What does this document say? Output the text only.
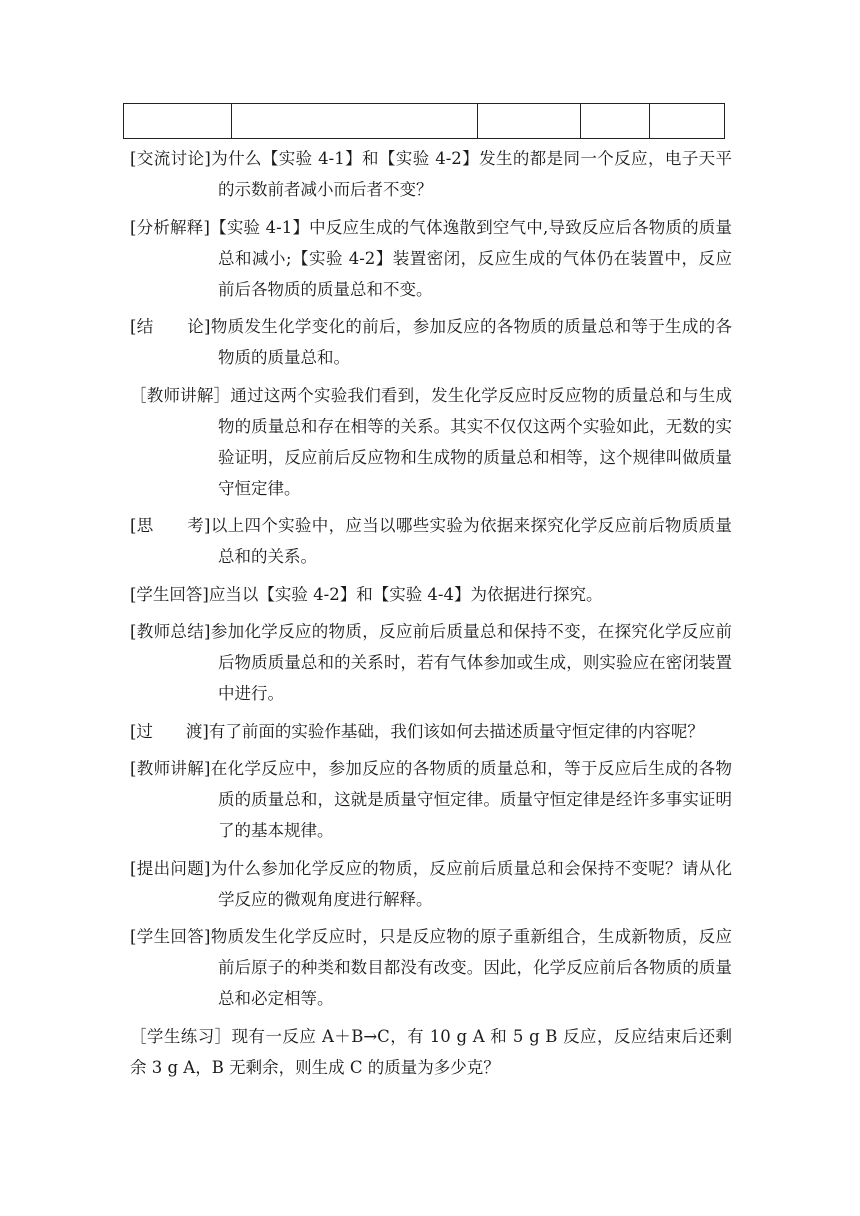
[交流讨论]为什么【实验 4-1】和【实验 4-2】发生的都是同一个反应，电子天平的示数前者减小而后者不变？

[分析解释]【实验 4-1】中反应生成的气体逸散到空气中,导致反应后各物质的质量总和减小;【实验 4-2】装置密闭，反应生成的气体仍在装置中，反应前后各物质的质量总和不变。

[结　　论]物质发生化学变化的前后，参加反应的各物质的质量总和等于生成的各物质的质量总和。

［教师讲解］通过这两个实验我们看到，发生化学反应时反应物的质量总和与生成物的质量总和存在相等的关系。其实不仅仅这两个实验如此，无数的实验证明，反应前后反应物和生成物的质量总和相等，这个规律叫做质量守恒定律。

[思　　考]以上四个实验中，应当以哪些实验为依据来探究化学反应前后物质质量总和的关系。

[学生回答]应当以【实验 4-2】和【实验 4-4】为依据进行探究。

[教师总结]参加化学反应的物质，反应前后质量总和保持不变，在探究化学反应前后物质质量总和的关系时，若有气体参加或生成，则实验应在密闭装置中进行。

[过　　渡]有了前面的实验作基础，我们该如何去描述质量守恒定律的内容呢？

[教师讲解]在化学反应中，参加反应的各物质的质量总和，等于反应后生成的各物质的质量总和，这就是质量守恒定律。质量守恒定律是经许多事实证明了的基本规律。

[提出问题]为什么参加化学反应的物质，反应前后质量总和会保持不变呢？请从化学反应的微观角度进行解释。

[学生回答]物质发生化学反应时，只是反应物的原子重新组合，生成新物质，反应前后原子的种类和数目都没有改变。因此，化学反应前后各物质的质量总和必定相等。

［学生练习］现有一反应 A＋B→C，有 10 g A 和 5 g B 反应，反应结束后还剩余 3 g A，B 无剩余，则生成 C 的质量为多少克？
